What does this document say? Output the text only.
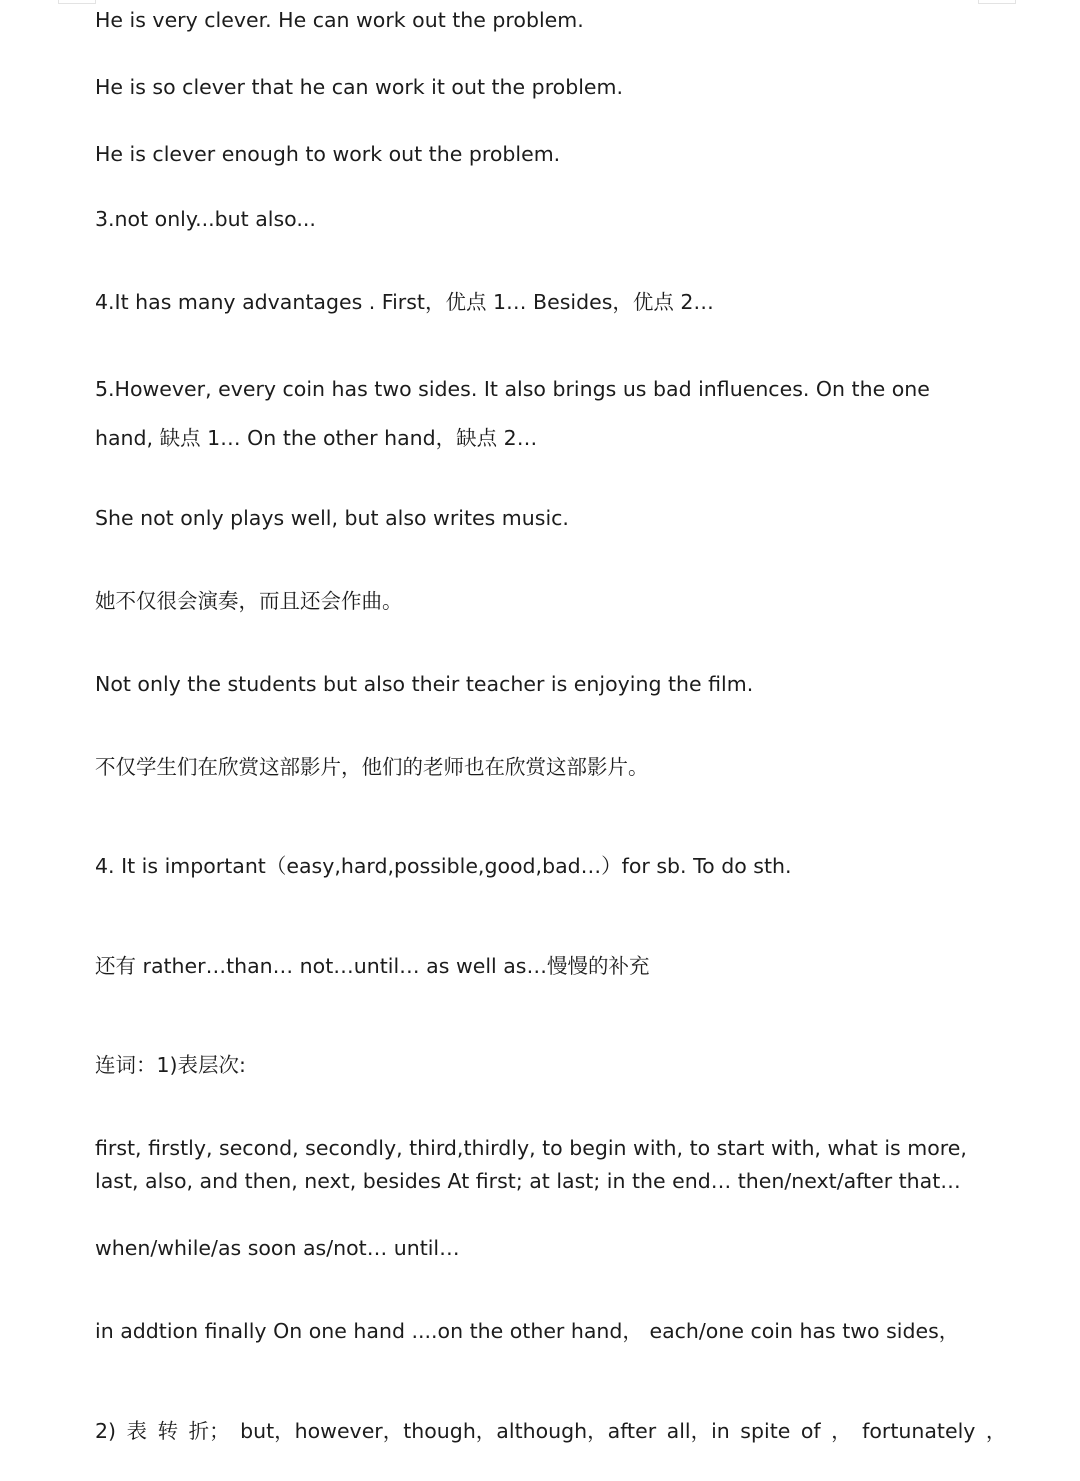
He is very clever. He can work out the problem.
He is so clever that he can work it out the problem.
He is clever enough to work out the problem.
3.not only...but also...
4.It has many advantages . First，优点 1… Besides，优点 2…
5.However, every coin has two sides. It also brings us bad influences. On the one hand, 缺点 1… On the other hand，缺点 2…
She not only plays well, but also writes music.
她不仅很会演奏，而且还会作曲。
Not only the students but also their teacher is enjoying the film.
不仅学生们在欣赏这部影片，他们的老师也在欣赏这部影片。
4. It is important（easy,hard,possible,good,bad…）for sb. To do sth.
还有 rather…than… not…until… as well as…慢慢的补充
连词：1)表层次:
first, firstly, second, secondly, third,thirdly, to begin with, to start with, what is more, last, also, and then, next, besides At first; at last; in the end… then/next/after that…
when/while/as soon as/not… until…
in addtion finally On one hand ....on the other hand， each/one coin has two sides，
2) 表 转 折； but，however，though，although，after all，in spite of ， fortunately ，
